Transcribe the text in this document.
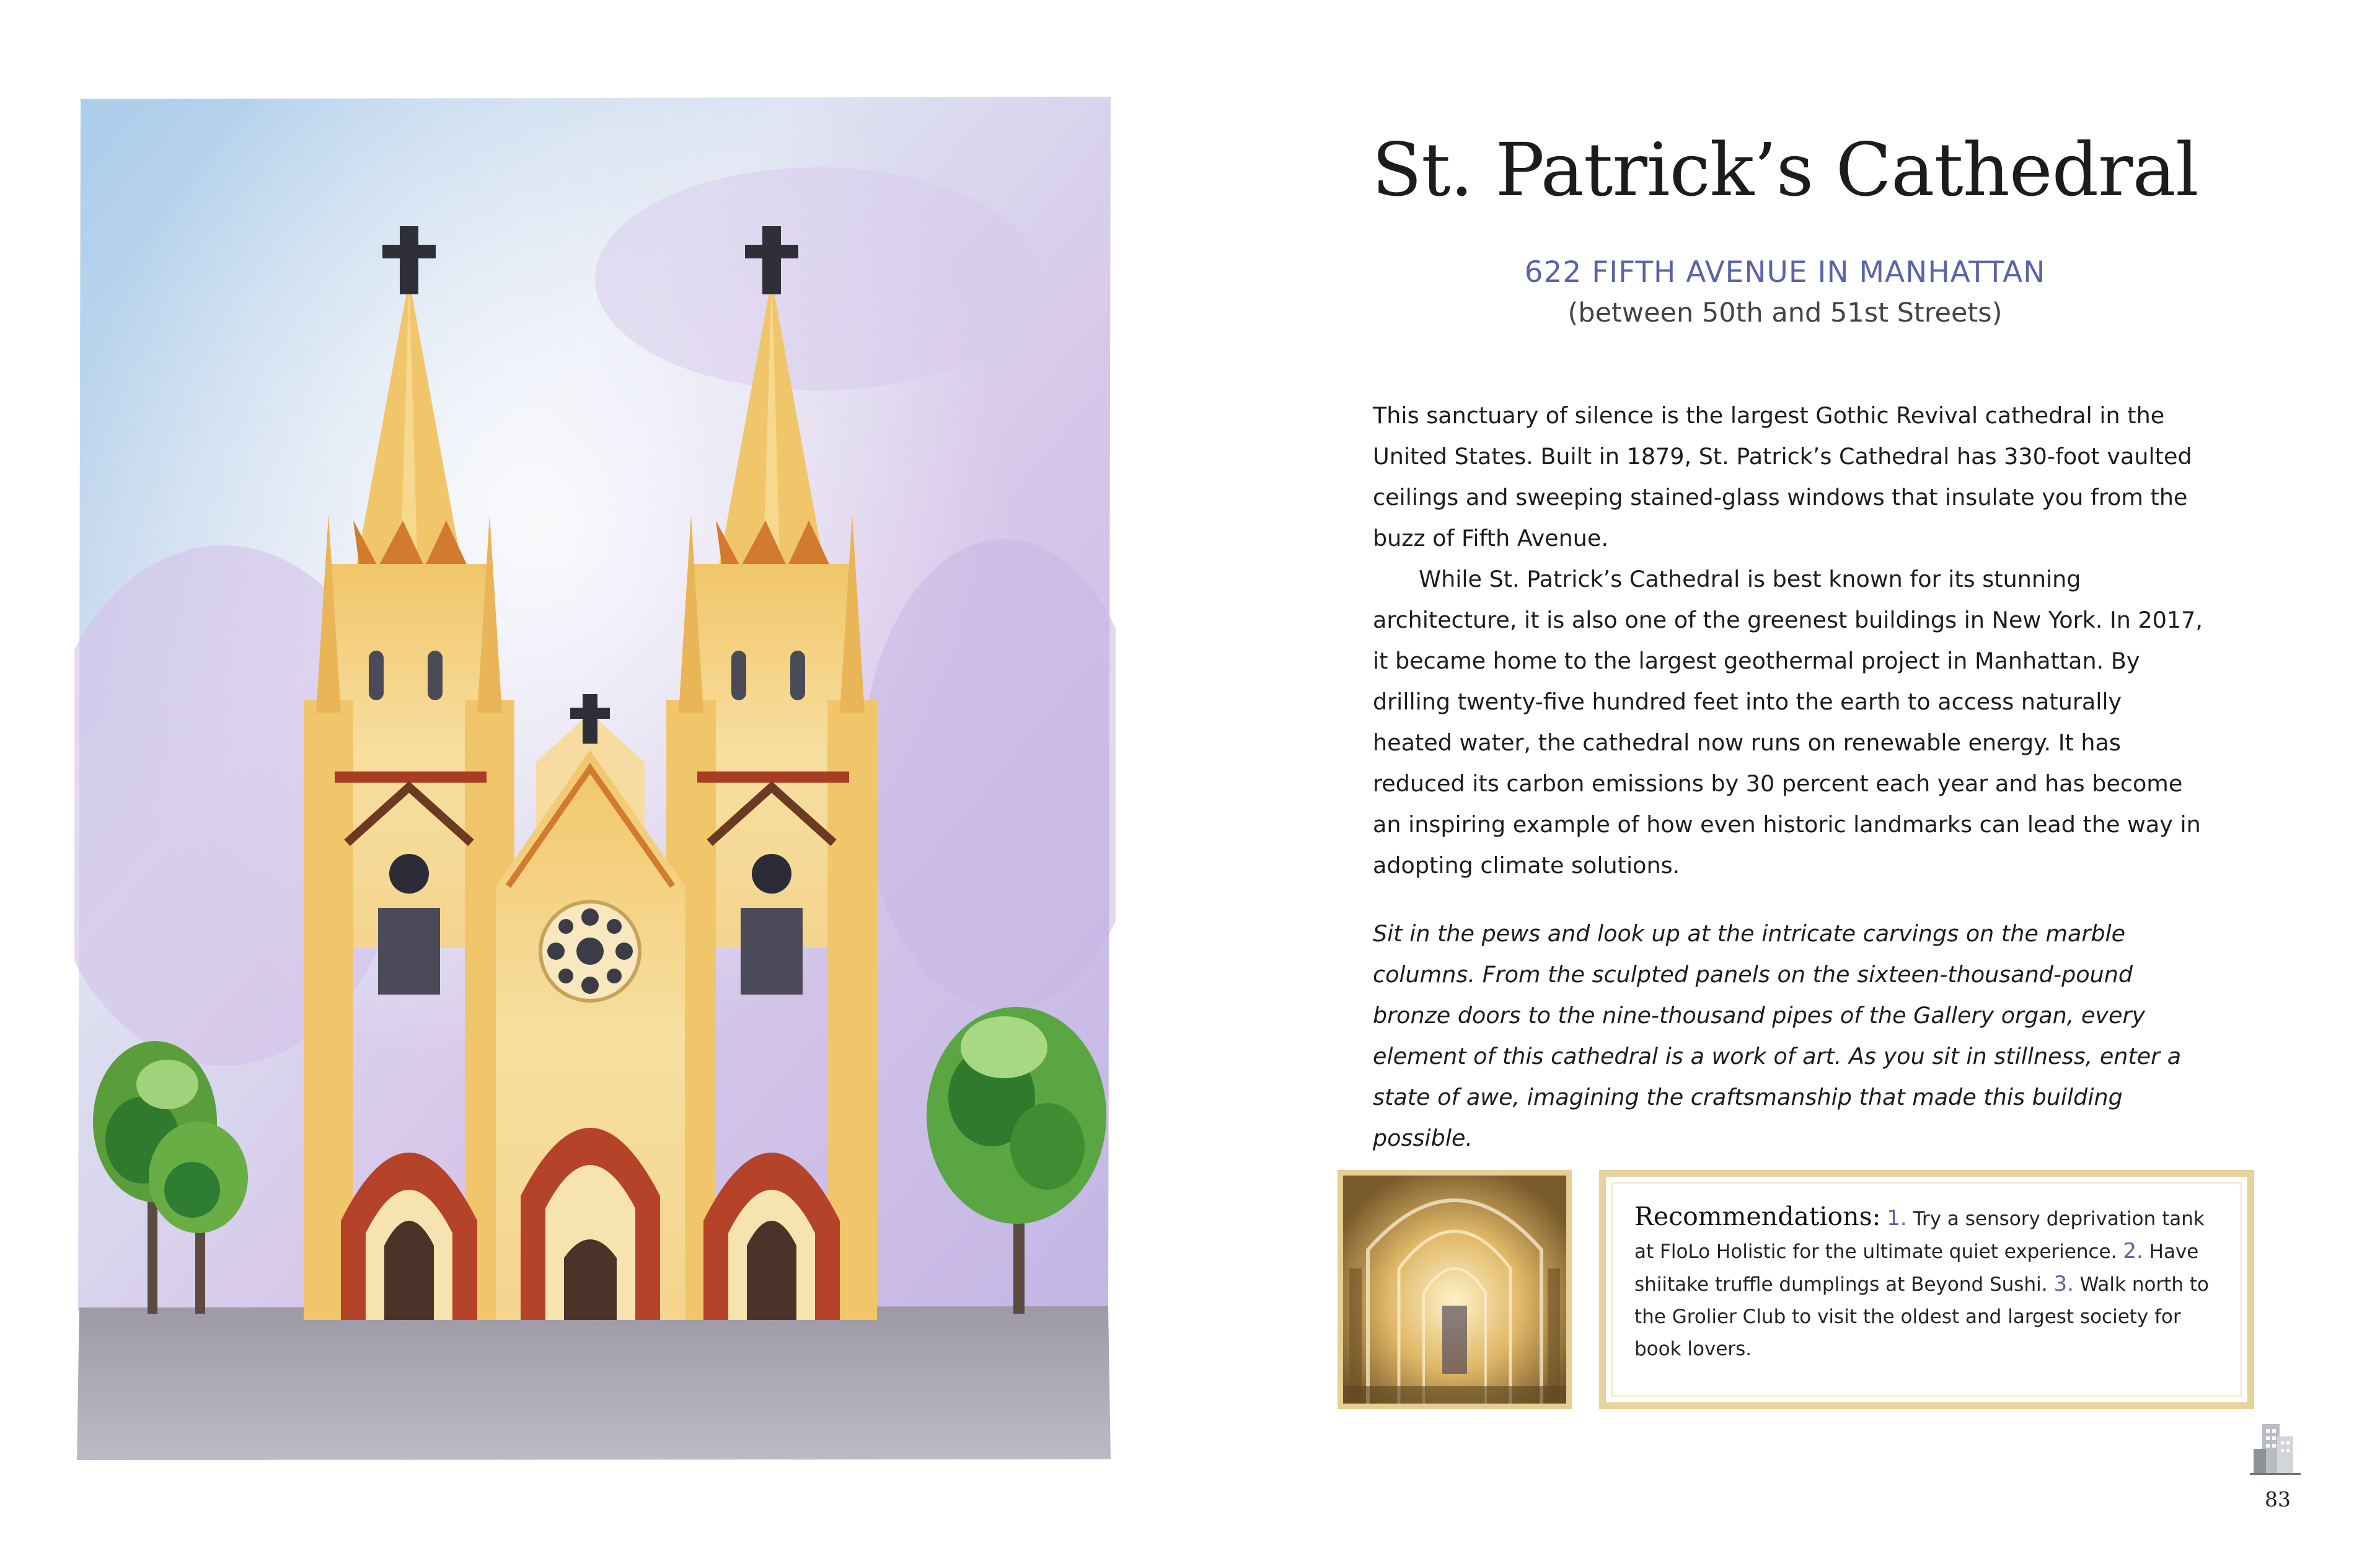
St. Patrick’s Cathedral
622 FIFTH AVENUE IN MANHATTAN
(between 50th and 51st Streets)

This sanctuary of silence is the largest Gothic Revival cathedral in the United States. Built in 1879, St. Patrick’s Cathedral has 330-foot vaulted ceilings and sweeping stained-glass windows that insulate you from the buzz of Fifth Avenue.

While St. Patrick’s Cathedral is best known for its stunning architecture, it is also one of the greenest buildings in New York. In 2017, it became home to the largest geothermal project in Manhattan. By drilling twenty-five hundred feet into the earth to access naturally heated water, the cathedral now runs on renewable energy. It has reduced its carbon emissions by 30 percent each year and has become an inspiring example of how even historic landmarks can lead the way in adopting climate solutions.

Sit in the pews and look up at the intricate carvings on the marble columns. From the sculpted panels on the sixteen-thousand-pound bronze doors to the nine-thousand pipes of the Gallery organ, every element of this cathedral is a work of art. As you sit in stillness, enter a state of awe, imagining the craftsmanship that made this building possible.

Recommendations: 1. Try a sensory deprivation tank at FloLo Holistic for the ultimate quiet experience. 2. Have shiitake truffle dumplings at Beyond Sushi. 3. Walk north to the Grolier Club to visit the oldest and largest society for book lovers.
83
